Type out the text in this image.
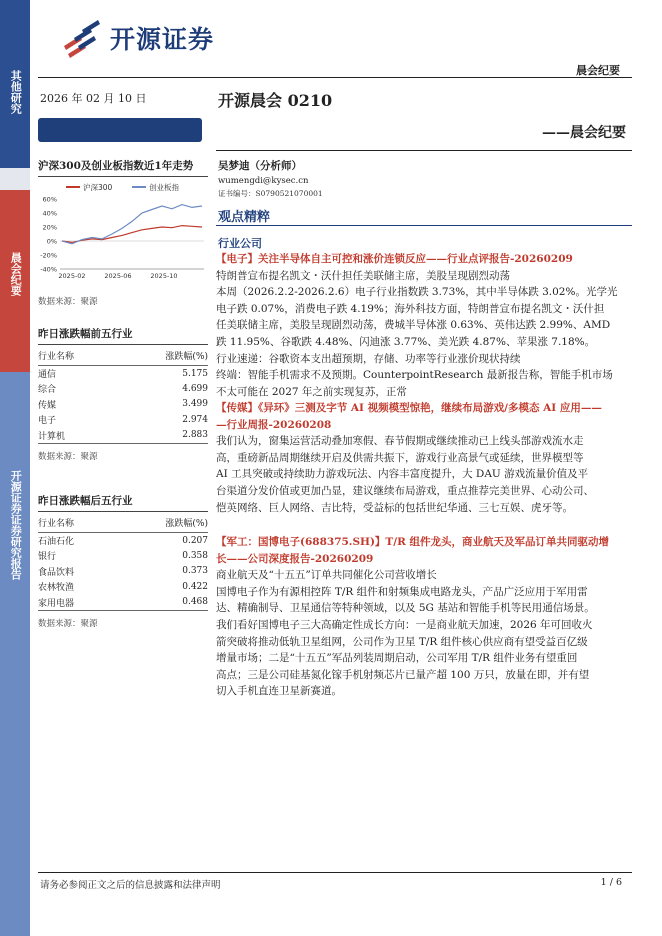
其他研究
晨会纪要
开源证券证券研究报告
开源证券
晨会纪要
2026 年 02 月 10 日	开源晨会 0210
——晨会纪要
沪深300及创业板指数近1年走势
沪深300	创业板指
60%
40%
20%
0%
-20%
-40%
2025-02	2025-06	2025-10
数据来源：聚源
昨日涨跌幅前五行业
行业名称	涨跌幅(%)
通信	5.175
综合	4.699
传媒	3.499
电子	2.974
计算机	2.883
数据来源：聚源
昨日涨跌幅后五行业
行业名称	涨跌幅(%)
石油石化	0.207
银行	0.358
食品饮料	0.373
农林牧渔	0.422
家用电器	0.468
数据来源：聚源
吴梦迪（分析师）
wumengdi@kysec.cn
证书编号：S0790521070001
观点精粹
行业公司
【电子】关注半导体自主可控和涨价连锁反应——行业点评报告-20260209
特朗普宣布提名凯文・沃什担任美联储主席，美股呈现剧烈动荡
本周（2026.2.2-2026.2.6）电子行业指数跌 3.73%，其中半导体跌 3.02%。光学光
电子跌 0.07%，消费电子跌 4.19%；海外科技方面，特朗普宣布提名凯文・沃什担
任美联储主席，美股呈现剧烈动荡，费城半导体涨 0.63%、英伟达跌 2.99%、AMD
跌 11.95%、谷歌跌 4.48%、闪迪涨 3.77%、美光跌 4.87%、苹果涨 7.18%。
行业速递：谷歌资本支出超预期，存储、功率等行业涨价现状持续
终端：智能手机需求不及预期。CounterpointResearch 最新报告称，智能手机市场
不太可能在 2027 年之前实现复苏，正常
【传媒】《异环》三测及字节 AI 视频模型惊艳，继续布局游戏/多模态 AI 应用——
—行业周报-20260208
我们认为，窗集运营活动叠加寒假、春节假期或继续推动已上线头部游戏流水走
高，重磅新品周期继续开启及供需共振下，游戏行业高景气或延续，世界模型等
AI 工具突破或持续助力游戏玩法、内容丰富度提升，大 DAU 游戏流量价值及平
台渠道分发价值或更加凸显，建议继续布局游戏，重点推荐完美世界、心动公司、
恺英网络、巨人网络、吉比特，受益标的包括世纪华通、三七互娱、虎牙等。
【军工：国博电子(688375.SH)】T/R 组件龙头，商业航天及军品订单共同驱动增
长——公司深度报告-20260209
商业航天及“十五五”订单共同催化公司营收增长
国博电子作为有源相控阵 T/R 组件和射频集成电路龙头，产品广泛应用于军用雷
达、精确制导、卫星通信等特种领域，以及 5G 基站和智能手机等民用通信场景。
我们看好国博电子三大高确定性成长方向：一是商业航天加速，2026 年可回收火
箭突破将推动低轨卫星组网，公司作为卫星 T/R 组件核心供应商有望受益百亿级
增量市场；二是“十五五”军品列装周期启动，公司军用 T/R 组件业务有望重回
高点；三是公司硅基氮化镓手机射频芯片已量产超 100 万只，放量在即，并有望
切入手机直连卫星新赛道。
请务必参阅正文之后的信息披露和法律声明	1 / 6
